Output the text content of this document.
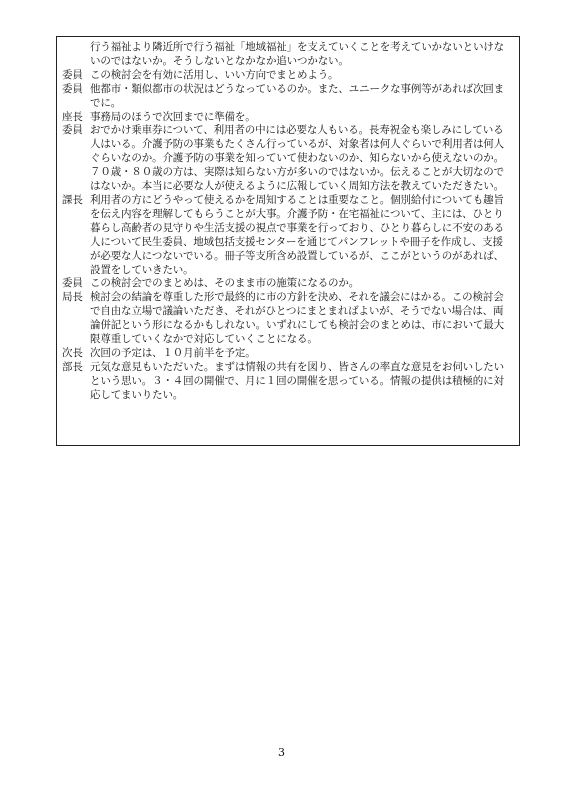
行う福祉より隣近所で行う福祉「地域福祉」を支えていくことを考えていかないといけないのではないか。そうしないとなかなか追いつかない。
委員 この検討会を有効に活用し、いい方向でまとめよう。
委員 他都市・類似都市の状況はどうなっているのか。また、ユニークな事例等があれば次回までに。
座長 事務局のほうで次回までに準備を。
委員 おでかけ乗車券について、利用者の中には必要な人もいる。長寿祝金も楽しみにしている人はいる。介護予防の事業もたくさん行っているが、対象者は何人ぐらいで利用者は何人ぐらいなのか。介護予防の事業を知っていて使わないのか、知らないから使えないのか。７０歳・８０歳の方は、実際は知らない方が多いのではないか。伝えることが大切なのではないか。本当に必要な人が使えるように広報していく周知方法を教えていただきたい。
課長 利用者の方にどうやって使えるかを周知することは重要なこと。個別給付についても趣旨を伝え内容を理解してもらうことが大事。介護予防・在宅福祉について、主には、ひとり暮らし高齢者の見守りや生活支援の視点で事業を行っており、ひとり暮らしに不安のある人について民生委員、地域包括支援センターを通じてパンフレットや冊子を作成し、支援が必要な人につないでいる。冊子等支所含め設置しているが、ここがというのがあれば、設置をしていきたい。
委員 この検討会でのまとめは、そのまま市の施策になるのか。
局長 検討会の結論を尊重した形で最終的に市の方針を決め、それを議会にはかる。この検討会で自由な立場で議論いただき、それがひとつにまとまればよいが、そうでない場合は、両論併記という形になるかもしれない。いずれにしても検討会のまとめは、市において最大限尊重していくなかで対応していくことになる。
次長 次回の予定は、１０月前半を予定。
部長 元気な意見もいただいた。まずは情報の共有を図り、皆さんの率直な意見をお伺いしたいという思い。３・４回の開催で、月に１回の開催を思っている。情報の提供は積極的に対応してまいりたい。
3
